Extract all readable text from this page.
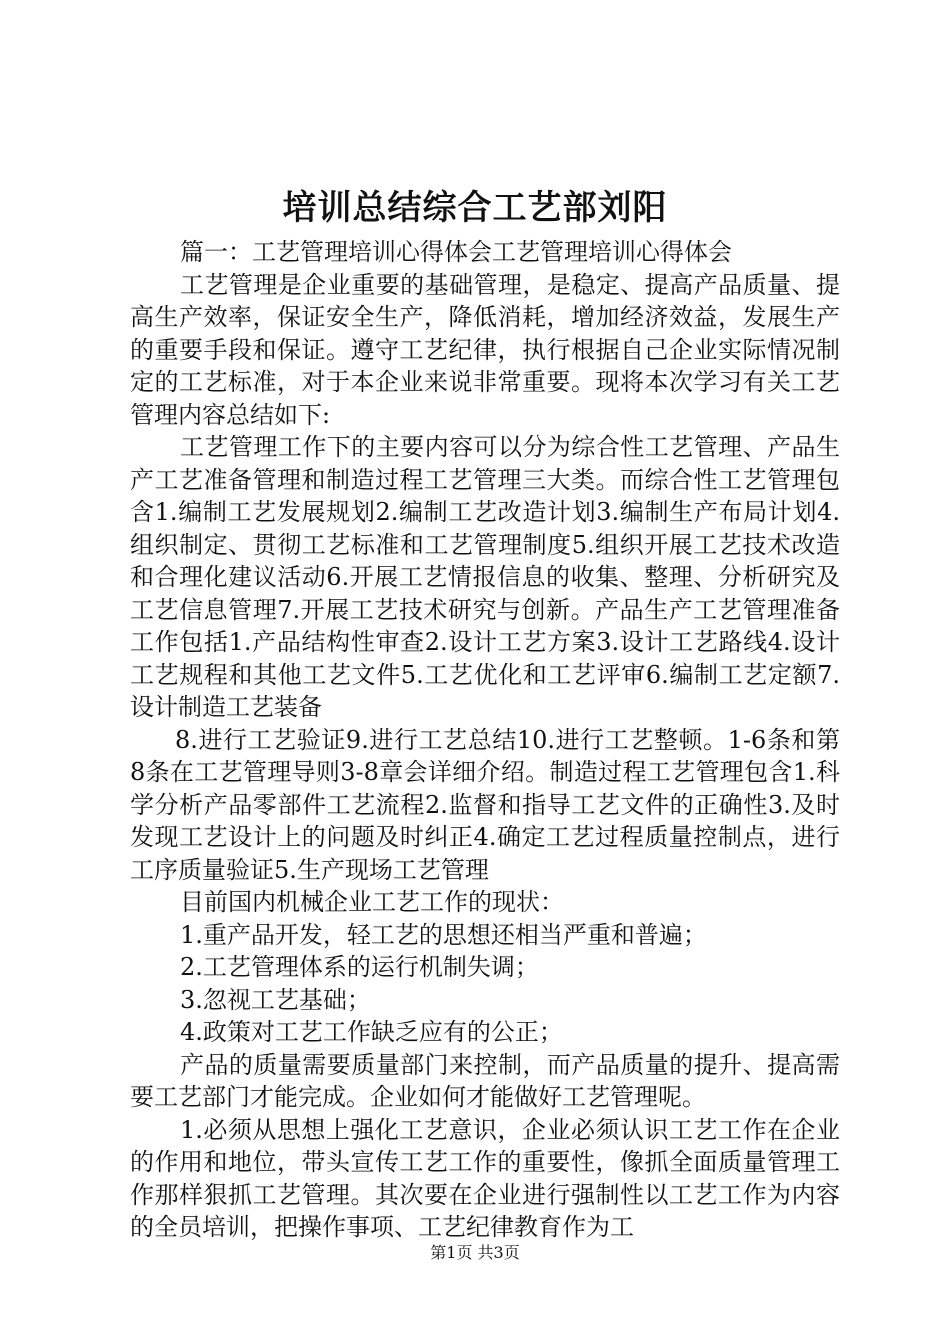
培训总结综合工艺部刘阳

篇一：工艺管理培训心得体会工艺管理培训心得体会

工艺管理是企业重要的基础管理，是稳定、提高产品质量、提高生产效率，保证安全生产，降低消耗，增加经济效益，发展生产的重要手段和保证。遵守工艺纪律，执行根据自己企业实际情况制定的工艺标准，对于本企业来说非常重要。现将本次学习有关工艺管理内容总结如下:

工艺管理工作下的主要内容可以分为综合性工艺管理、产品生产工艺准备管理和制造过程工艺管理三大类。而综合性工艺管理包含1.编制工艺发展规划2.编制工艺改造计划3.编制生产布局计划4.组织制定、贯彻工艺标准和工艺管理制度5.组织开展工艺技术改造和合理化建议活动6.开展工艺情报信息的收集、整理、分析研究及工艺信息管理7.开展工艺技术研究与创新。产品生产工艺管理准备工作包括1.产品结构性审查2.设计工艺方案3.设计工艺路线4.设计工艺规程和其他工艺文件5.工艺优化和工艺评审6.编制工艺定额7.设计制造工艺装备

8.进行工艺验证9.进行工艺总结10.进行工艺整顿。1-6条和第8条在工艺管理导则3-8章会详细介绍。制造过程工艺管理包含1.科学分析产品零部件工艺流程2.监督和指导工艺文件的正确性3.及时发现工艺设计上的问题及时纠正4.确定工艺过程质量控制点，进行工序质量验证5.生产现场工艺管理

目前国内机械企业工艺工作的现状：

1.重产品开发，轻工艺的思想还相当严重和普遍；

2.工艺管理体系的运行机制失调；

3.忽视工艺基础；

4.政策对工艺工作缺乏应有的公正；

产品的质量需要质量部门来控制，而产品质量的提升、提高需要工艺部门才能完成。企业如何才能做好工艺管理呢。

1.必须从思想上强化工艺意识，企业必须认识工艺工作在企业的作用和地位，带头宣传工艺工作的重要性，像抓全面质量管理工作那样狠抓工艺管理。其次要在企业进行强制性以工艺工作为内容的全员培训，把操作事项、工艺纪律教育作为工

第1页 共3页
